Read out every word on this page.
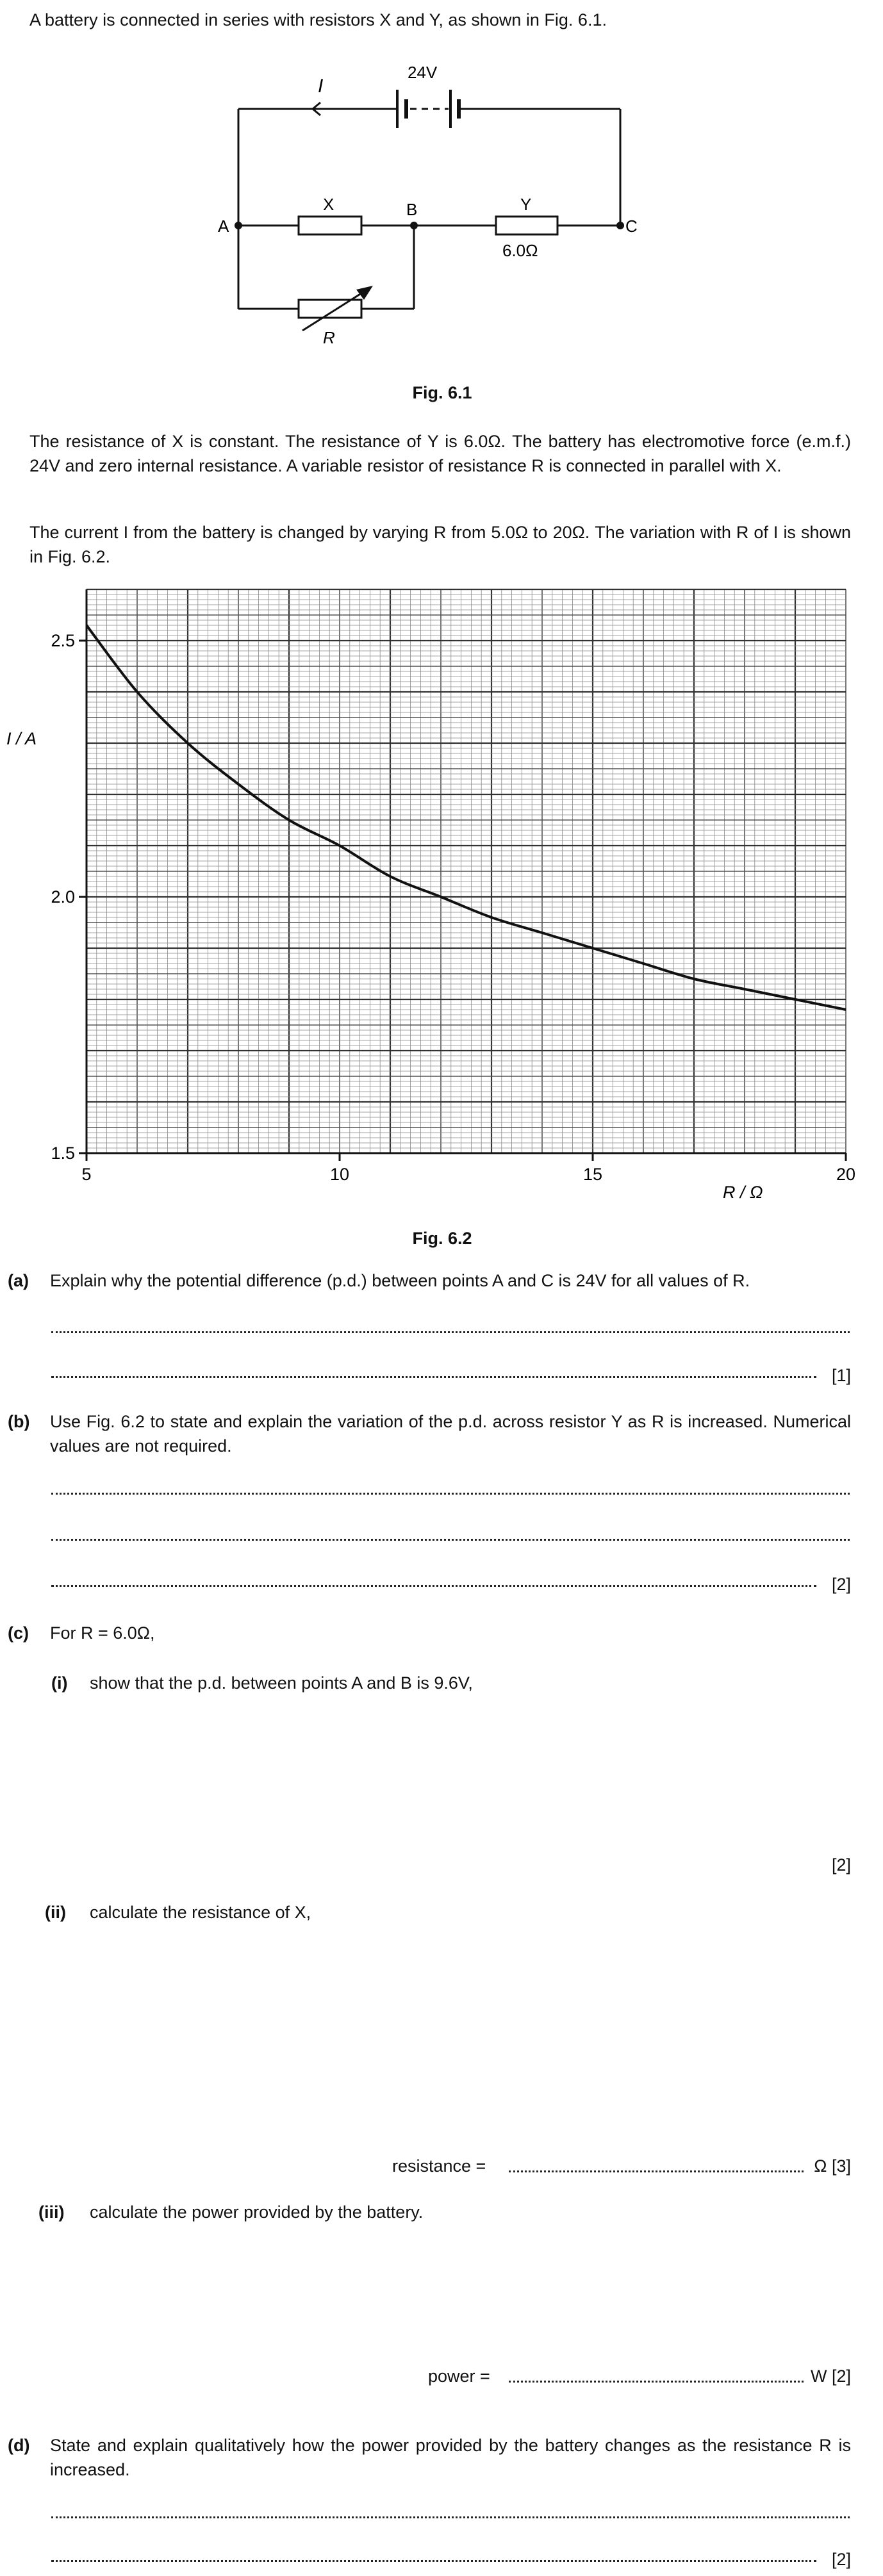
A battery is connected in series with resistors X and Y, as shown in Fig. 6.1.
I
24V
A
B
C
X	Y
6.0Ω
R
Fig. 6.1
The resistance of X is constant. The resistance of Y is 6.0Ω. The battery has electromotive force (e.m.f.) 24V and zero internal resistance. A variable resistor of resistance R is connected in parallel with X.
The current I from the battery is changed by varying R from 5.0Ω to 20Ω. The variation with R of I is shown in Fig. 6.2.
5	10	15	20
1.5
2.0
2.5
I / A
R / Ω
Fig. 6.2
(a) Explain why the potential difference (p.d.) between points A and C is 24V for all values of R.
[1]
(b) Use Fig. 6.2 to state and explain the variation of the p.d. across resistor Y as R is increased. Numerical values are not required.
[2]
(c) For R = 6.0Ω,
(i) show that the p.d. between points A and B is 9.6V,
[2]
(ii) calculate the resistance of X,
resistance =	Ω [3]
(iii) calculate the power provided by the battery.
power =	W [2]
(d) State and explain qualitatively how the power provided by the battery changes as the resistance R is increased.
[2]
